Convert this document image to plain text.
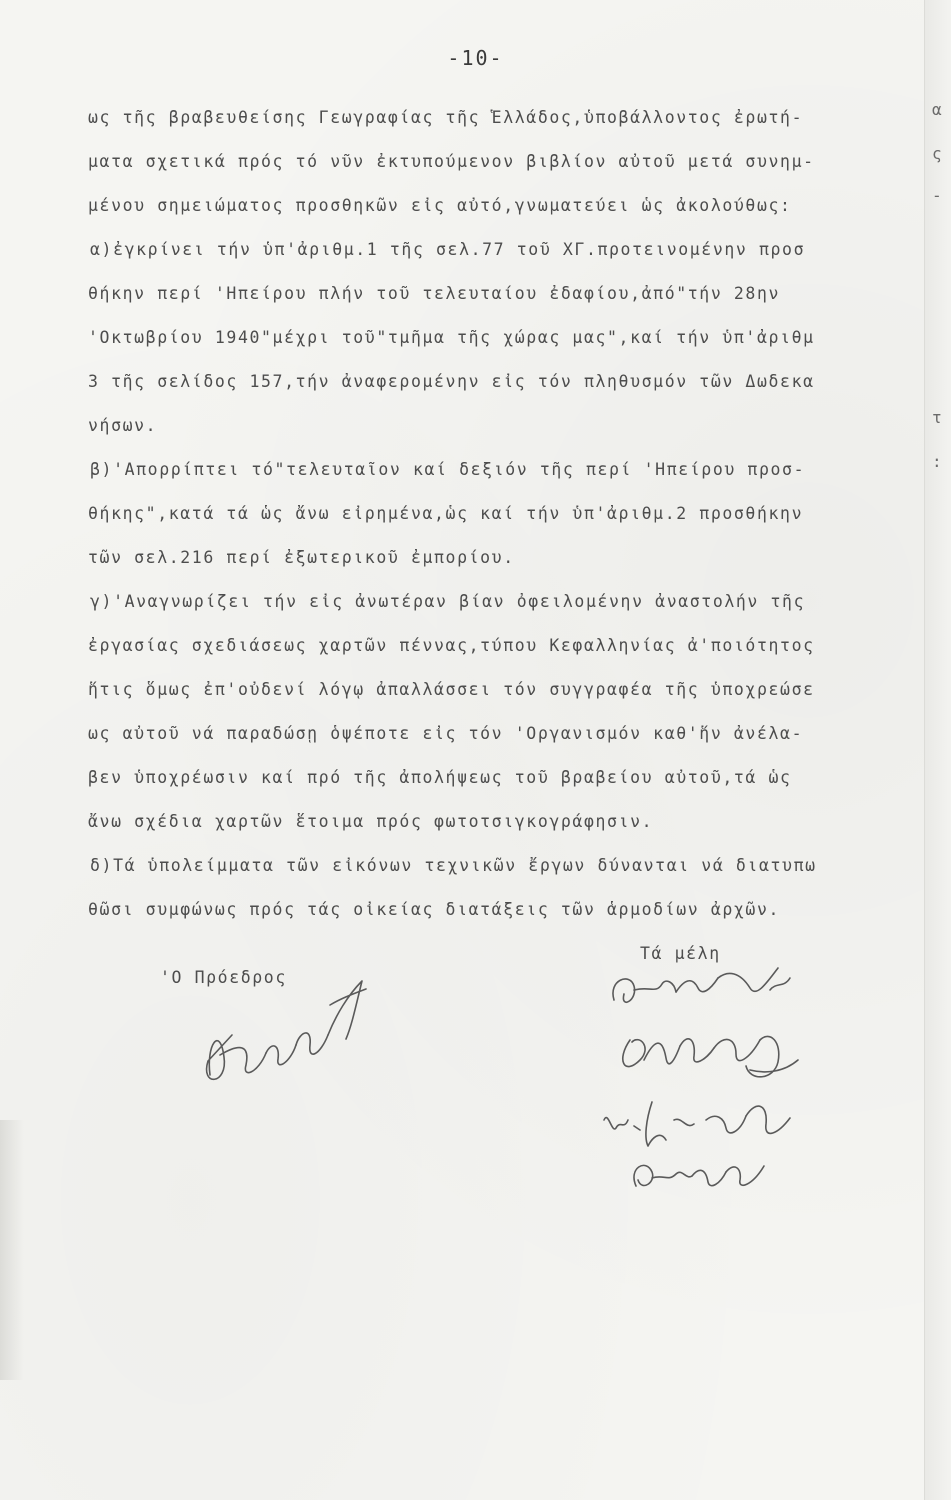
α
ς
-
τ
:
-10-
ως τῆς βραβευθείσης Γεωγραφίας τῆς Ἑλλάδος,ὑποβάλλοντος ἐρωτή-
ματα σχετικά πρός τό νῦν ἐκτυπούμενον βιβλίον αὐτοῦ μετά συνημ-
μένου σημειώματος προσθηκῶν εἰς αὐτό,γνωματεύει ὡς ἀκολούθως:
α)ἐγκρίνει τήν ὑπ'ἀριθμ.1 τῆς σελ.77 τοῦ ΧΓ.προτεινομένην προσ
θήκην περί 'Ηπείρου πλήν τοῦ τελευταίου ἐδαφίου,ἀπό"τήν 28ην
'Οκτωβρίου 1940"μέχρι τοῦ"τμῆμα τῆς χώρας μας",καί τήν ὑπ'ἀριθμ
3 τῆς σελίδος 157,τήν ἀναφερομένην εἰς τόν πληθυσμόν τῶν Δωδεκα
νήσων.
β)'Απορρίπτει τό"τελευταῖον καί δεξιόν τῆς περί 'Ηπείρου προσ-
θήκης",κατά τά ὡς ἄνω εἰρημένα,ὡς καί τήν ὑπ'ἀριθμ.2 προσθήκην
τῶν σελ.216 περί ἐξωτερικοῦ ἐμπορίου.
γ)'Αναγνωρίζει τήν εἰς ἀνωτέραν βίαν ὀφειλομένην ἀναστολήν τῆς
ἐργασίας σχεδιάσεως χαρτῶν πέννας,τύπου Κεφαλληνίας ἀ'ποιότητος
ἥτις ὅμως ἐπ'οὐδενί λόγῳ ἀπαλλάσσει τόν συγγραφέα τῆς ὑποχρεώσε
ως αὐτοῦ νά παραδώσῃ ὁψέποτε εἰς τόν 'Οργανισμόν καθ'ἥν ἀνέλα-
βεν ὑποχρέωσιν καί πρό τῆς ἀπολήψεως τοῦ βραβείου αὐτοῦ,τά ὡς
ἄνω σχέδια χαρτῶν ἕτοιμα πρός φωτοτσιγκογράφησιν.
δ)Τά ὑπολείμματα τῶν εἰκόνων τεχνικῶν ἔργων δύνανται νά διατυπω
θῶσι συμφώνως πρός τάς οἰκείας διατάξεις τῶν ἁρμοδίων ἀρχῶν.
'Ο Πρόεδρος
Τά μέλη
